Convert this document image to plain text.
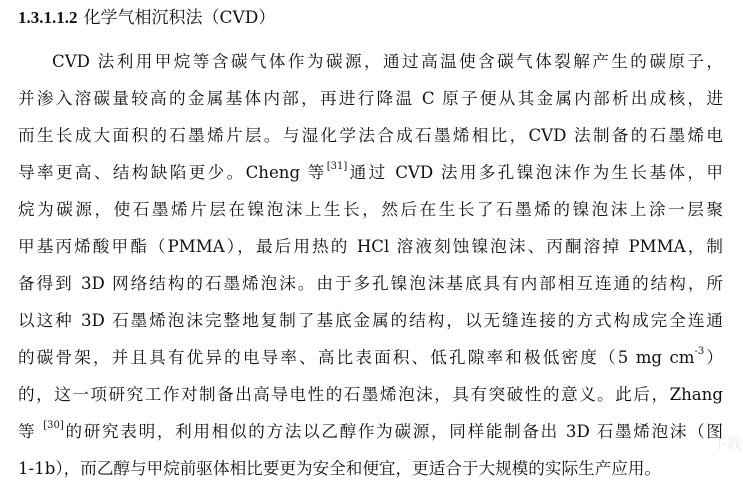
1.3.1.1.2 化学气相沉积法（CVD）
CVD 法利用甲烷等含碳气体作为碳源，通过高温使含碳气体裂解产生的碳原子，
并渗入溶碳量较高的金属基体内部，再进行降温 C 原子便从其金属内部析出成核，进
而生长成大面积的石墨烯片层。与湿化学法合成石墨烯相比，CVD 法制备的石墨烯电
导率更高、结构缺陷更少。Cheng 等[31]通过 CVD 法用多孔镍泡沫作为生长基体，甲
烷为碳源，使石墨烯片层在镍泡沫上生长，然后在生长了石墨烯的镍泡沫上涂一层聚
甲基丙烯酸甲酯（PMMA），最后用热的 HCl 溶液刻蚀镍泡沫、丙酮溶掉 PMMA，制
备得到 3D 网络结构的石墨烯泡沫。由于多孔镍泡沫基底具有内部相互连通的结构，所
以这种 3D 石墨烯泡沫完整地复制了基底金属的结构，以无缝连接的方式构成完全连通
的碳骨架，并且具有优异的电导率、高比表面积、低孔隙率和极低密度（5 mg $cm^{-3}$）
的，这一项研究工作对制备出高导电性的石墨烯泡沫，具有突破性的意义。此后，Zhang
等 [30]的研究表明，利用相似的方法以乙醇作为碳源，同样能制备出 3D 石墨烯泡沫（图
1-1b），而乙醇与甲烷前驱体相比要更为安全和便宜，更适合于大规模的实际生产应用。
下载
